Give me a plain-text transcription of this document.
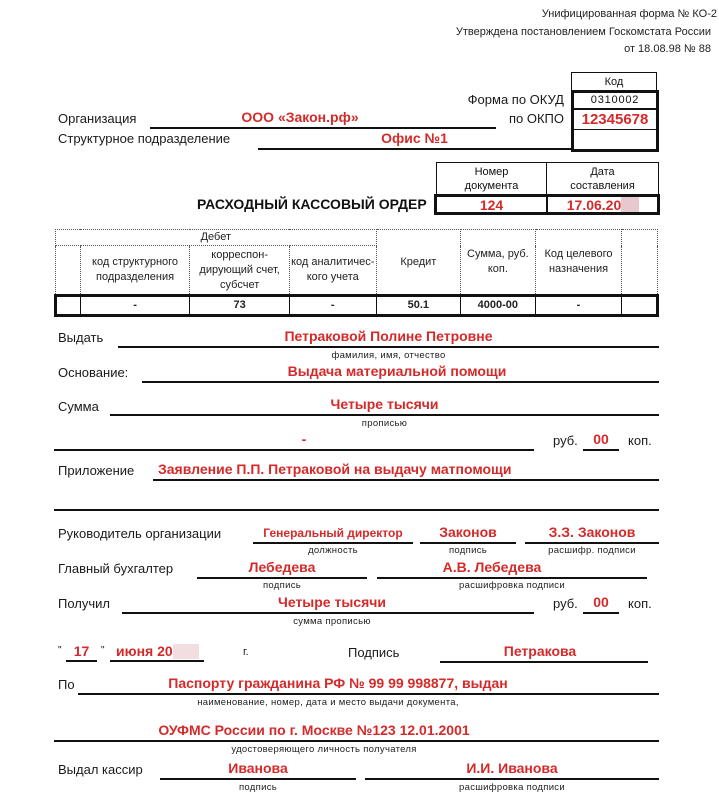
Унифицированная форма № КО-2
Утверждена постановлением Госкомстата России
от 18.08.98 № 88
Код
0310002
12345678
Форма по ОКУД
по ОКПО
Организация	ООО «Закон.рф»
Структурное подразделение	Офис №1
РАСХОДНЫЙ КАССОВЫЙ ОРДЕР
Номер документа
Дата составления
124	17.06.20
Дебет				Кредит	Сумма, руб. коп.	Код целевого назначения	
	код структурного подразделения	корреспон-дирующий счет, субсчет	код аналитичес-кого учета				
	-	73	-	50.1	4000-00	-	
Выдать	Петраковой Полине Петровне
фамилия, имя, отчество
Основание:	Выдача материальной помощи
Сумма	Четыре тысячи
прописью
-	руб.	00	коп.
Приложение Заявление П.П. Петраковой на выдачу матпомощи
Руководитель организации	Генеральный директор	Законов	З.З. Законов
должность	подпись	расшифр. подписи
Главный бухгалтер	Лебедева	А.В. Лебедева
подпись	расшифровка подписи
Получил	Четыре тысячи	руб.	00	коп.
сумма прописью
" 17	" июня 20	г.	Подпись	Петракова
По	Паспорту гражданина РФ № 99 99 998877, выдан
наименование, номер, дата и место выдачи документа,
ОУФМС России по г. Москве №123 12.01.2001
удостоверяющего личность получателя
Выдал кассир	Иванова	И.И. Иванова
подпись	расшифровка подписи
